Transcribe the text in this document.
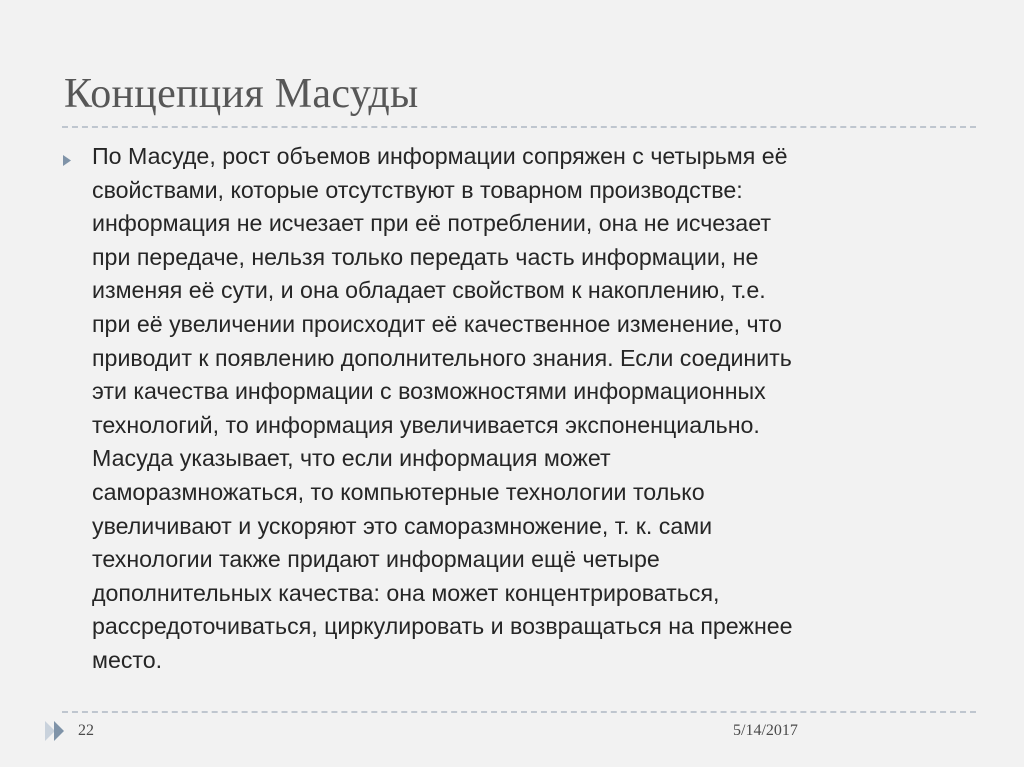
Концепция Масуды
По Масуде, рост объемов информации сопряжен с четырьмя её
свойствами, которые отсутствуют в товарном производстве:
информация не исчезает при её потреблении, она не исчезает
при передаче, нельзя только передать часть информации, не
изменяя её сути, и она обладает свойством к накоплению, т.е.
при её увеличении происходит её качественное изменение, что
приводит к появлению дополнительного знания. Если соединить
эти качества информации с возможностями информационных
технологий, то информация увеличивается экспоненциально.
Масуда указывает, что если информация может
саморазмножаться, то компьютерные технологии только
увеличивают и ускоряют это саморазмножение, т. к. сами
технологии также придают информации ещё четыре
дополнительных качества: она может концентрироваться,
рассредоточиваться, циркулировать и возвращаться на прежнее
место.
22	5/14/2017
